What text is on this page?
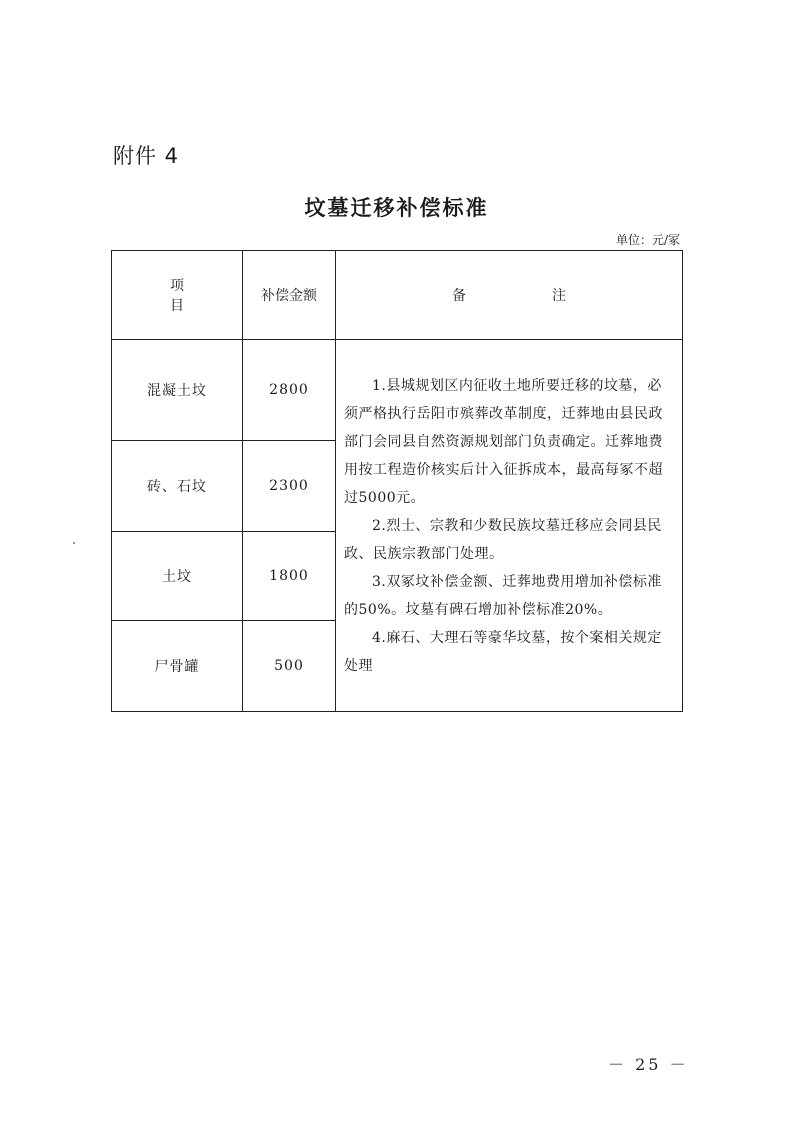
附件 4
坟墓迁移补偿标准
单位：元/冢
项目	补偿金额	备注
混凝土坟	2800	1.县城规划区内征收土地所要迁移的坟墓，必须严格执行岳阳市殡葬改革制度，迁葬地由县民政部门会同县自然资源规划部门负责确定。迁葬地费用按工程造价核实后计入征拆成本，最高每冢不超过5000元。

2.烈士、宗教和少数民族坟墓迁移应会同县民政、民族宗教部门处理。

3.双冢坟补偿金额、迁葬地费用增加补偿标准的50%。坟墓有碑石增加补偿标准20%。

4.麻石、大理石等豪华坟墓，按个案相关规定处理

砖、石坟	2300	
土坟	1800	
尸骨罐	500	
－ 25 －
